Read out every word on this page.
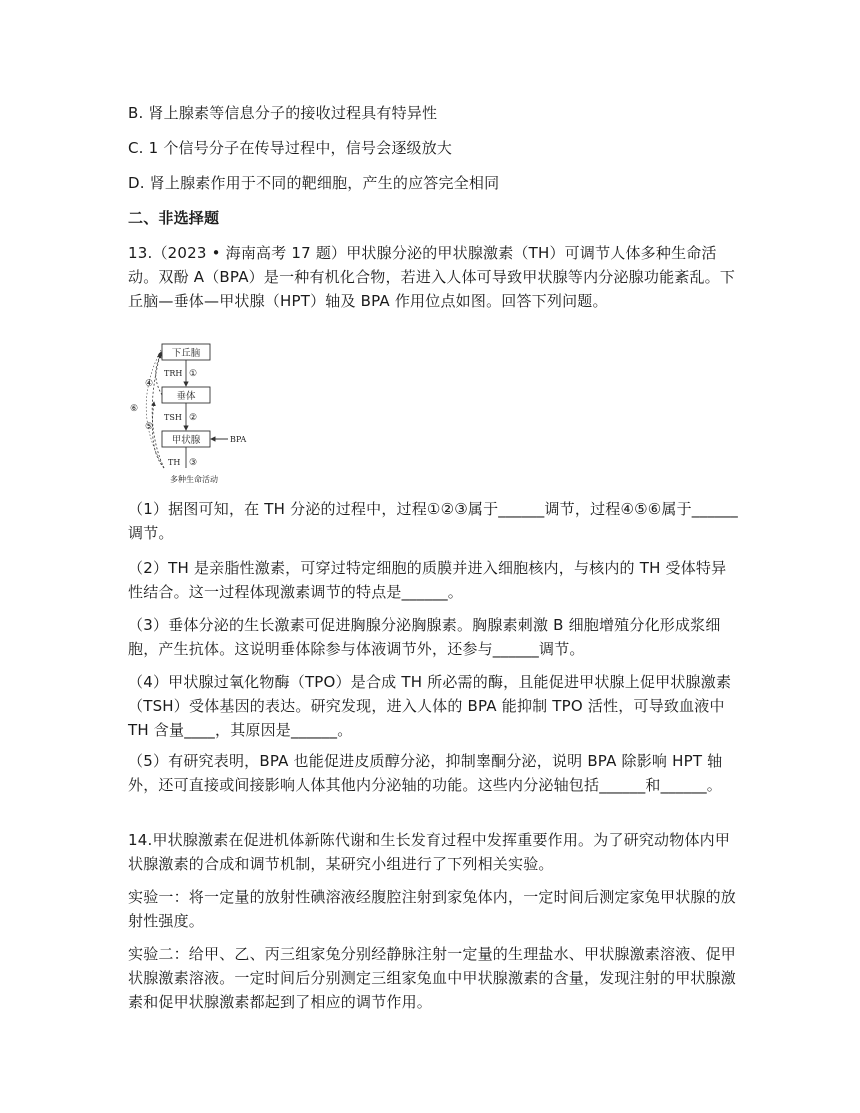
B. 肾上腺素等信息分子的接收过程具有特异性

C. 1 个信号分子在传导过程中，信号会逐级放大

D. 肾上腺素作用于不同的靶细胞，产生的应答完全相同

二、非选择题

13.（2023 • 海南高考 17 题）甲状腺分泌的甲状腺激素（TH）可调节人体多种生命活动。双酚 A（BPA）是一种有机化合物，若进入人体可导致甲状腺等内分泌腺功能紊乱。下丘脑—垂体—甲状腺（HPT）轴及 BPA 作用位点如图。回答下列问题。

下丘脑
垂体
甲状腺
TRH ①
TSH ②
TH ③
BPA
④
⑤
⑥
多种生命活动

（1）据图可知，在 TH 分泌的过程中，过程①②③属于______调节，过程④⑤⑥属于______调节。

（2）TH 是亲脂性激素，可穿过特定细胞的质膜并进入细胞核内，与核内的 TH 受体特异性结合。这一过程体现激素调节的特点是______。

（3）垂体分泌的生长激素可促进胸腺分泌胸腺素。胸腺素刺激 B 细胞增殖分化形成浆细胞，产生抗体。这说明垂体除参与体液调节外，还参与______调节。

（4）甲状腺过氧化物酶（TPO）是合成 TH 所必需的酶，且能促进甲状腺上促甲状腺激素（TSH）受体基因的表达。研究发现，进入人体的 BPA 能抑制 TPO 活性，可导致血液中 TH 含量____，其原因是______。

（5）有研究表明，BPA 也能促进皮质醇分泌，抑制睾酮分泌，说明 BPA 除影响 HPT 轴外，还可直接或间接影响人体其他内分泌轴的功能。这些内分泌轴包括______和______。

14.甲状腺激素在促进机体新陈代谢和生长发育过程中发挥重要作用。为了研究动物体内甲状腺激素的合成和调节机制，某研究小组进行了下列相关实验。

实验一：将一定量的放射性碘溶液经腹腔注射到家兔体内，一定时间后测定家兔甲状腺的放射性强度。

实验二：给甲、乙、丙三组家兔分别经静脉注射一定量的生理盐水、甲状腺激素溶液、促甲状腺激素溶液。一定时间后分别测定三组家兔血中甲状腺激素的含量，发现注射的甲状腺激素和促甲状腺激素都起到了相应的调节作用。
